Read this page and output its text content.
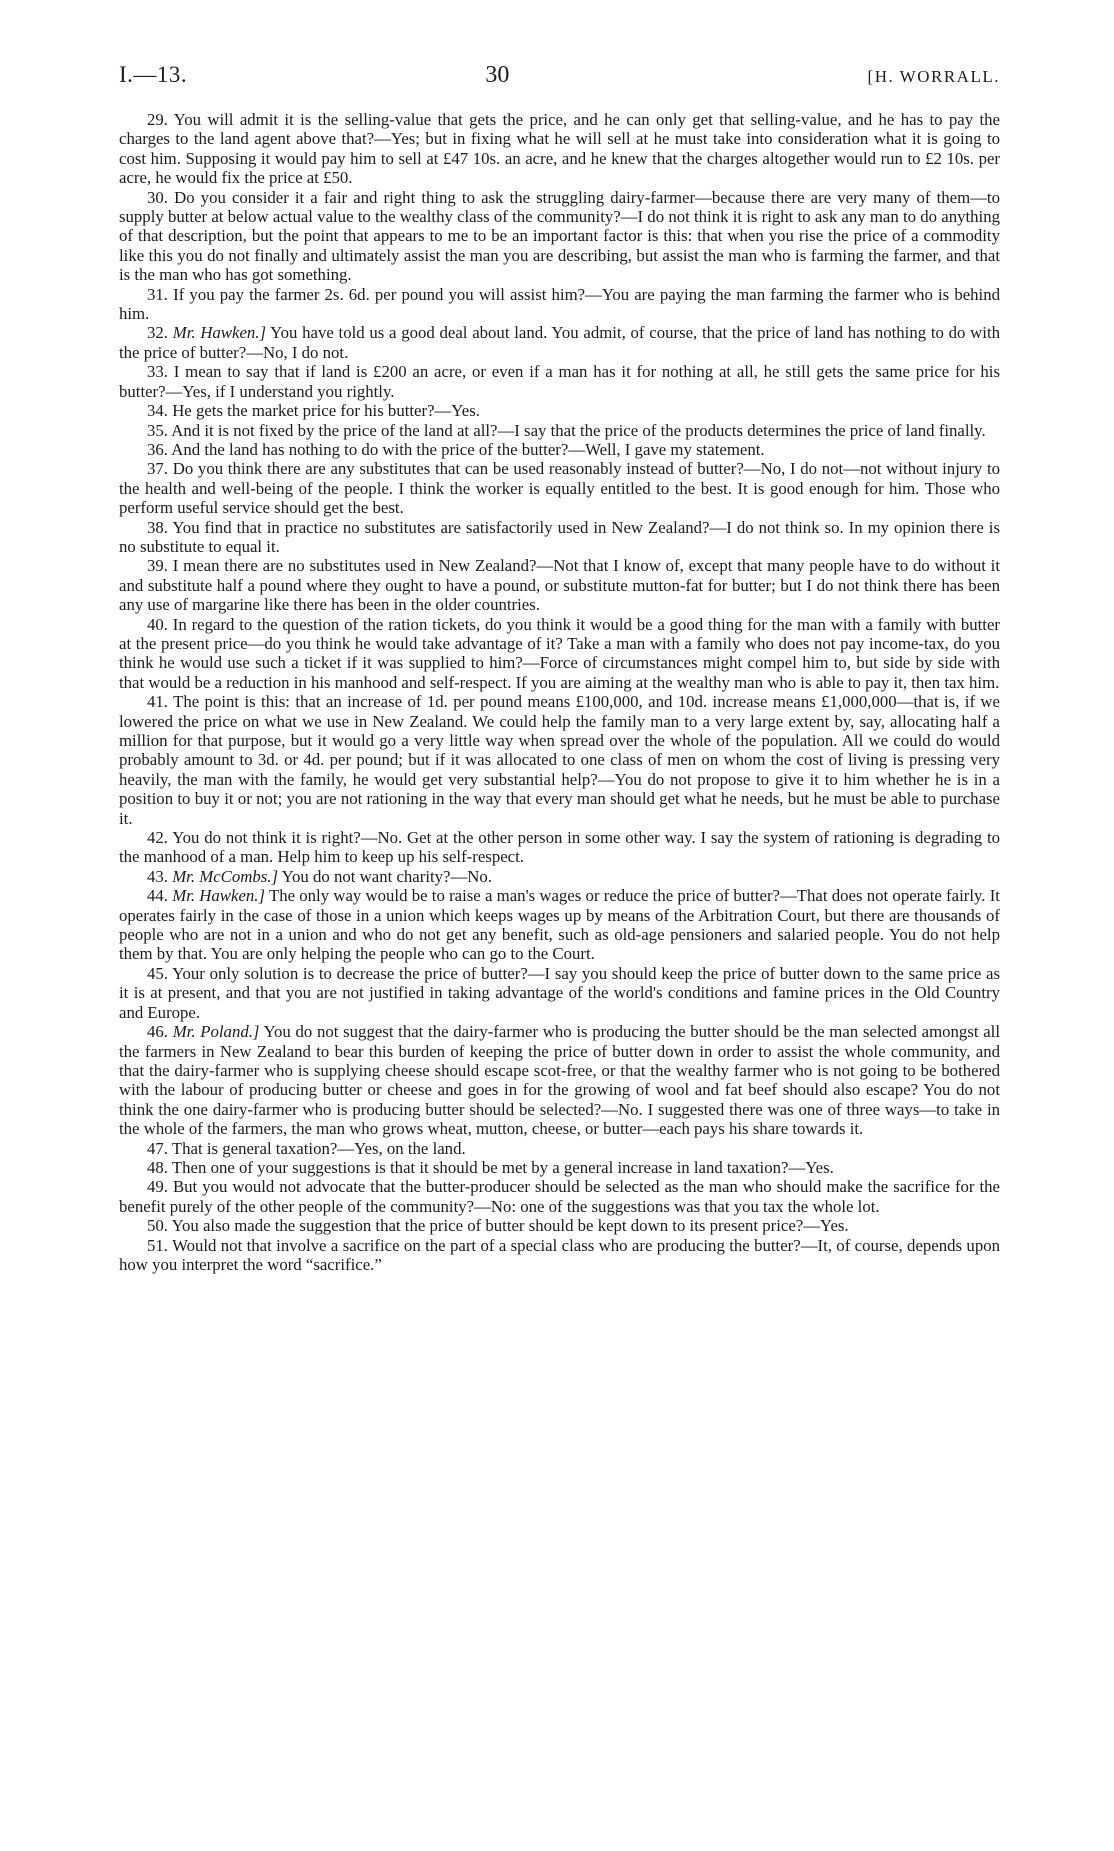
I.—13.	30	[H. WORRALL.

29. You will admit it is the selling-value that gets the price, and he can only get that selling-value, and he has to pay the charges to the land agent above that?—Yes; but in fixing what he will sell at he must take into consideration what it is going to cost him. Supposing it would pay him to sell at £47 10s. an acre, and he knew that the charges altogether would run to £2 10s. per acre, he would fix the price at £50.

30. Do you consider it a fair and right thing to ask the struggling dairy-farmer—because there are very many of them—to supply butter at below actual value to the wealthy class of the community?—I do not think it is right to ask any man to do anything of that description, but the point that appears to me to be an important factor is this: that when you rise the price of a commodity like this you do not finally and ultimately assist the man you are describing, but assist the man who is farming the farmer, and that is the man who has got something.

31. If you pay the farmer 2s. 6d. per pound you will assist him?—You are paying the man farming the farmer who is behind him.

32. Mr. Hawken.] You have told us a good deal about land. You admit, of course, that the price of land has nothing to do with the price of butter?—No, I do not.

33. I mean to say that if land is £200 an acre, or even if a man has it for nothing at all, he still gets the same price for his butter?—Yes, if I understand you rightly.

34. He gets the market price for his butter?—Yes.

35. And it is not fixed by the price of the land at all?—I say that the price of the products determines the price of land finally.

36. And the land has nothing to do with the price of the butter?—Well, I gave my statement.

37. Do you think there are any substitutes that can be used reasonably instead of butter?—No, I do not—not without injury to the health and well-being of the people. I think the worker is equally entitled to the best. It is good enough for him. Those who perform useful service should get the best.

38. You find that in practice no substitutes are satisfactorily used in New Zealand?—I do not think so. In my opinion there is no substitute to equal it.

39. I mean there are no substitutes used in New Zealand?—Not that I know of, except that many people have to do without it and substitute half a pound where they ought to have a pound, or substitute mutton-fat for butter; but I do not think there has been any use of margarine like there has been in the older countries.

40. In regard to the question of the ration tickets, do you think it would be a good thing for the man with a family with butter at the present price—do you think he would take advantage of it? Take a man with a family who does not pay income-tax, do you think he would use such a ticket if it was supplied to him?—Force of circumstances might compel him to, but side by side with that would be a reduction in his manhood and self-respect. If you are aiming at the wealthy man who is able to pay it, then tax him.

41. The point is this: that an increase of 1d. per pound means £100,000, and 10d. increase means £1,000,000—that is, if we lowered the price on what we use in New Zealand. We could help the family man to a very large extent by, say, allocating half a million for that purpose, but it would go a very little way when spread over the whole of the population. All we could do would probably amount to 3d. or 4d. per pound; but if it was allocated to one class of men on whom the cost of living is pressing very heavily, the man with the family, he would get very substantial help?—You do not propose to give it to him whether he is in a position to buy it or not; you are not rationing in the way that every man should get what he needs, but he must be able to purchase it.

42. You do not think it is right?—No. Get at the other person in some other way. I say the system of rationing is degrading to the manhood of a man. Help him to keep up his self-respect.

43. Mr. McCombs.] You do not want charity?—No.

44. Mr. Hawken.] The only way would be to raise a man's wages or reduce the price of butter?—That does not operate fairly. It operates fairly in the case of those in a union which keeps wages up by means of the Arbitration Court, but there are thousands of people who are not in a union and who do not get any benefit, such as old-age pensioners and salaried people. You do not help them by that. You are only helping the people who can go to the Court.

45. Your only solution is to decrease the price of butter?—I say you should keep the price of butter down to the same price as it is at present, and that you are not justified in taking advantage of the world's conditions and famine prices in the Old Country and Europe.

46. Mr. Poland.] You do not suggest that the dairy-farmer who is producing the butter should be the man selected amongst all the farmers in New Zealand to bear this burden of keeping the price of butter down in order to assist the whole community, and that the dairy-farmer who is supplying cheese should escape scot-free, or that the wealthy farmer who is not going to be bothered with the labour of producing butter or cheese and goes in for the growing of wool and fat beef should also escape? You do not think the one dairy-farmer who is producing butter should be selected?—No. I suggested there was one of three ways—to take in the whole of the farmers, the man who grows wheat, mutton, cheese, or butter—each pays his share towards it.

47. That is general taxation?—Yes, on the land.

48. Then one of your suggestions is that it should be met by a general increase in land taxation?—Yes.

49. But you would not advocate that the butter-producer should be selected as the man who should make the sacrifice for the benefit purely of the other people of the community?—No: one of the suggestions was that you tax the whole lot.

50. You also made the suggestion that the price of butter should be kept down to its present price?—Yes.

51. Would not that involve a sacrifice on the part of a special class who are producing the butter?—It, of course, depends upon how you interpret the word “sacrifice.”
